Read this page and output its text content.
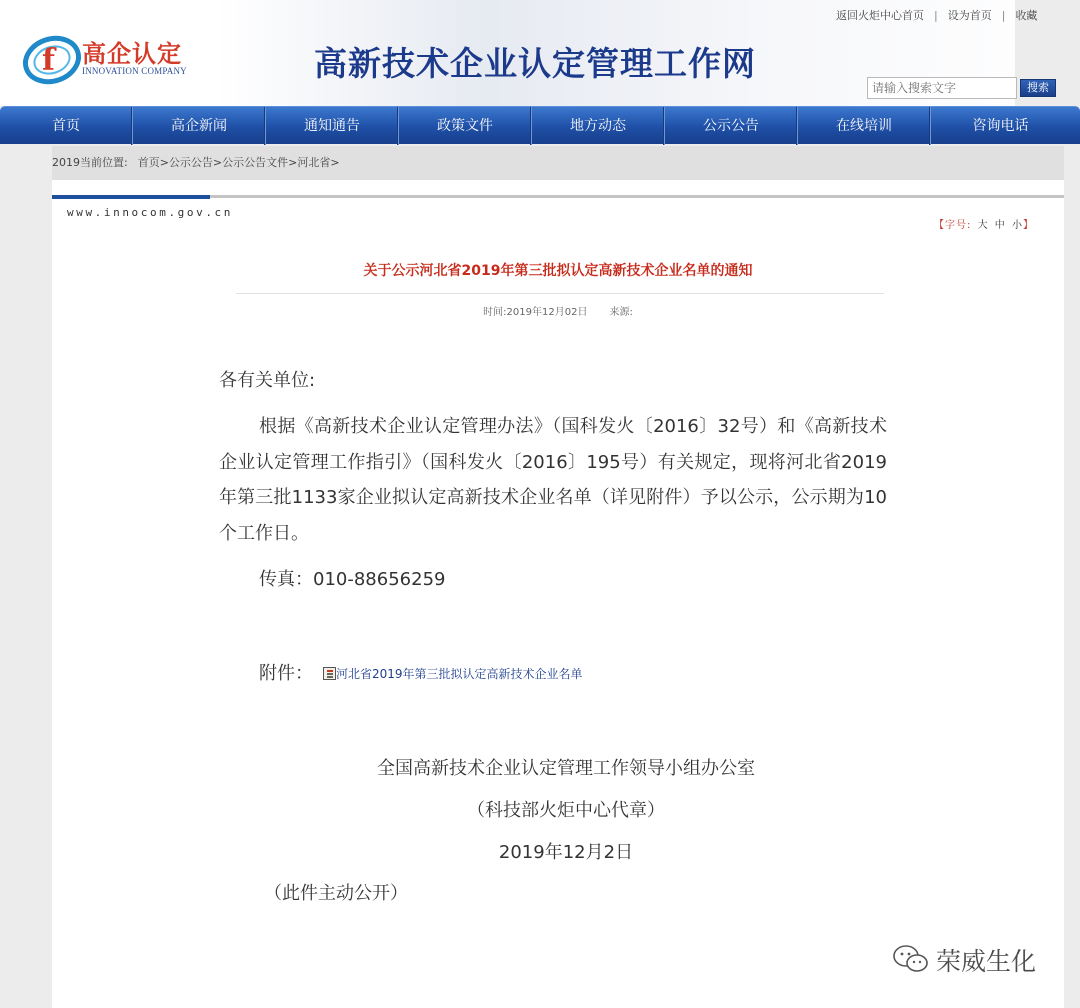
f 高企认定
INNOVATION COMPANY	高新技术企业认定管理工作网
返回火炬中心首页 | 设为首页 | 收藏
请输入搜索文字
搜索
首页	高企新闻	通知通告	政策文件	地方动态	公示公告	在线培训	咨询电话
2019当前位置: 首页>公示公告>公示公告文件>河北省>
www.innocom.gov.cn
【字号: 大 中 小】
关于公示河北省2019年第三批拟认定高新技术企业名单的通知
时间:2019年12月02日 来源:
各有关单位:
根据《高新技术企业认定管理办法》（国科发火〔2016〕32号）和《高新技术企业认定管理工作指引》（国科发火〔2016〕195号）有关规定，现将河北省2019年第三批1133家企业拟认定高新技术企业名单（详见附件）予以公示，公示期为10个工作日。
传真：010-88656259
附件： 河北省2019年第三批拟认定高新技术企业名单
全国高新技术企业认定管理工作领导小组办公室
（科技部火炬中心代章）
2019年12月2日
（此件主动公开）
荣威生化
